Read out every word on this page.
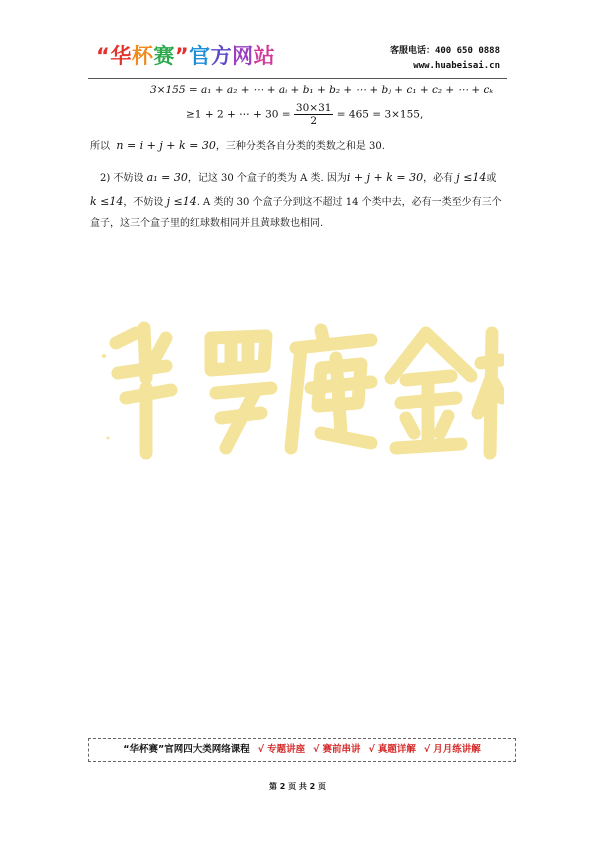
“华杯赛”官方网站	客服电话：400 650 0888
www.huabeisai.cn
3×155 = a₁ + a₂ + ⋯ + aᵢ + b₁ + b₂ + ⋯ + bⱼ + c₁ + c₂ + ⋯ + cₖ
≥1 + 2 + ⋯ + $30 = \frac{30\times 31}{2} = 465 = 3\times 155$,
所以 n = i + j + k = 30，三种分类各自分类的类数之和是 30.
2) 不妨设 a₁ = 30，记这 30 个盒子的类为 A 类. 因为i + j + k = 30，必有 j ≤14或
k ≤14，不妨设 j ≤14. A 类的 30 个盒子分到这不超过 14 个类中去，必有一类至少有三个
盒子，这三个盒子里的红球数相同并且黄球数也相同.
“华杯赛”官网四大类网络课程 √ 专题讲座 √ 赛前串讲 √ 真题详解 √ 月月练讲解
第 2 页 共 2 页
